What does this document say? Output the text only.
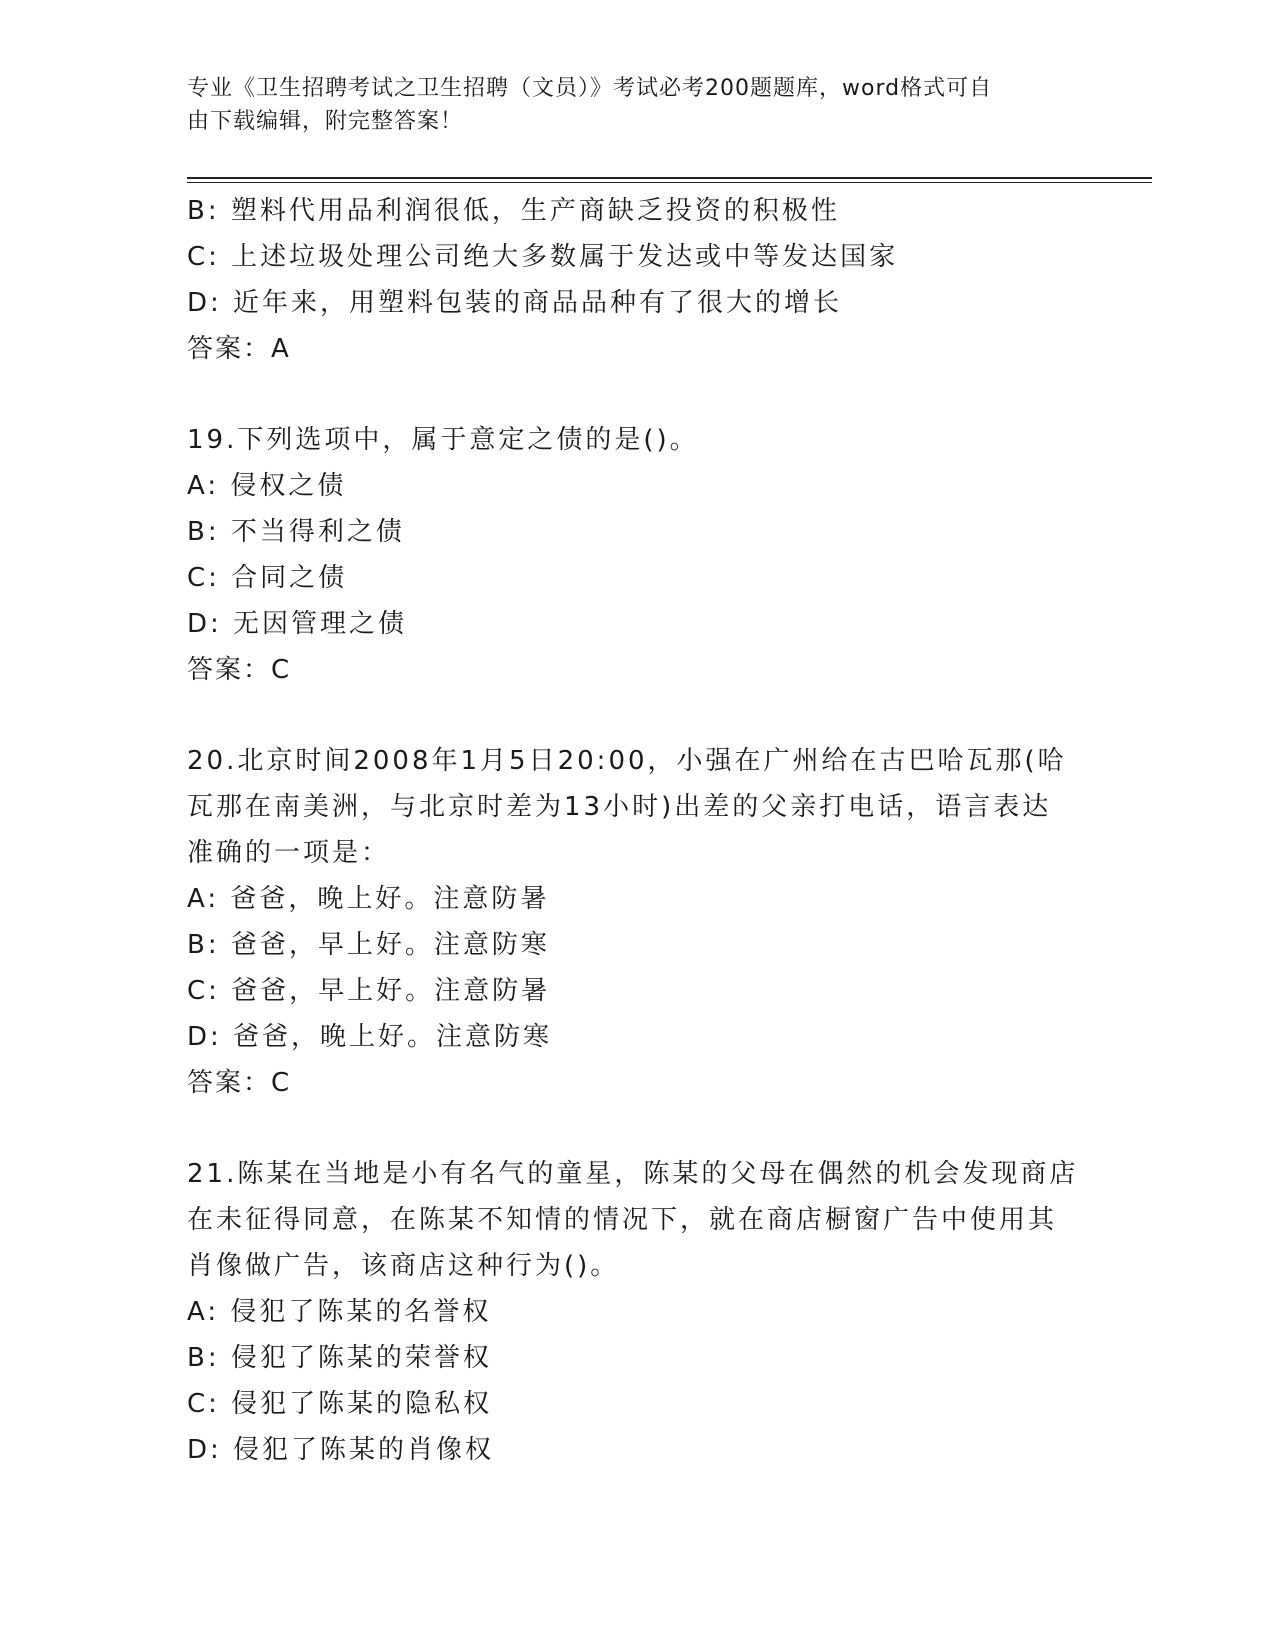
专业《卫生招聘考试之卫生招聘（文员）》考试必考200题题库，word格式可自
由下载编辑，附完整答案！
B: 塑料代用品利润很低，生产商缺乏投资的积极性
C: 上述垃圾处理公司绝大多数属于发达或中等发达国家
D: 近年来，用塑料包装的商品品种有了很大的增长
答案：A
19.下列选项中，属于意定之债的是()。
A: 侵权之债
B: 不当得利之债
C: 合同之债
D: 无因管理之债
答案：C
20.北京时间2008年1月5日20:00，小强在广州给在古巴哈瓦那(哈
瓦那在南美洲，与北京时差为13小时)出差的父亲打电话，语言表达
准确的一项是：
A: 爸爸，晚上好。注意防暑
B: 爸爸，早上好。注意防寒
C: 爸爸，早上好。注意防暑
D: 爸爸，晚上好。注意防寒
答案：C
21.陈某在当地是小有名气的童星，陈某的父母在偶然的机会发现商店
在未征得同意，在陈某不知情的情况下，就在商店橱窗广告中使用其
肖像做广告，该商店这种行为()。
A: 侵犯了陈某的名誉权
B: 侵犯了陈某的荣誉权
C: 侵犯了陈某的隐私权
D: 侵犯了陈某的肖像权
